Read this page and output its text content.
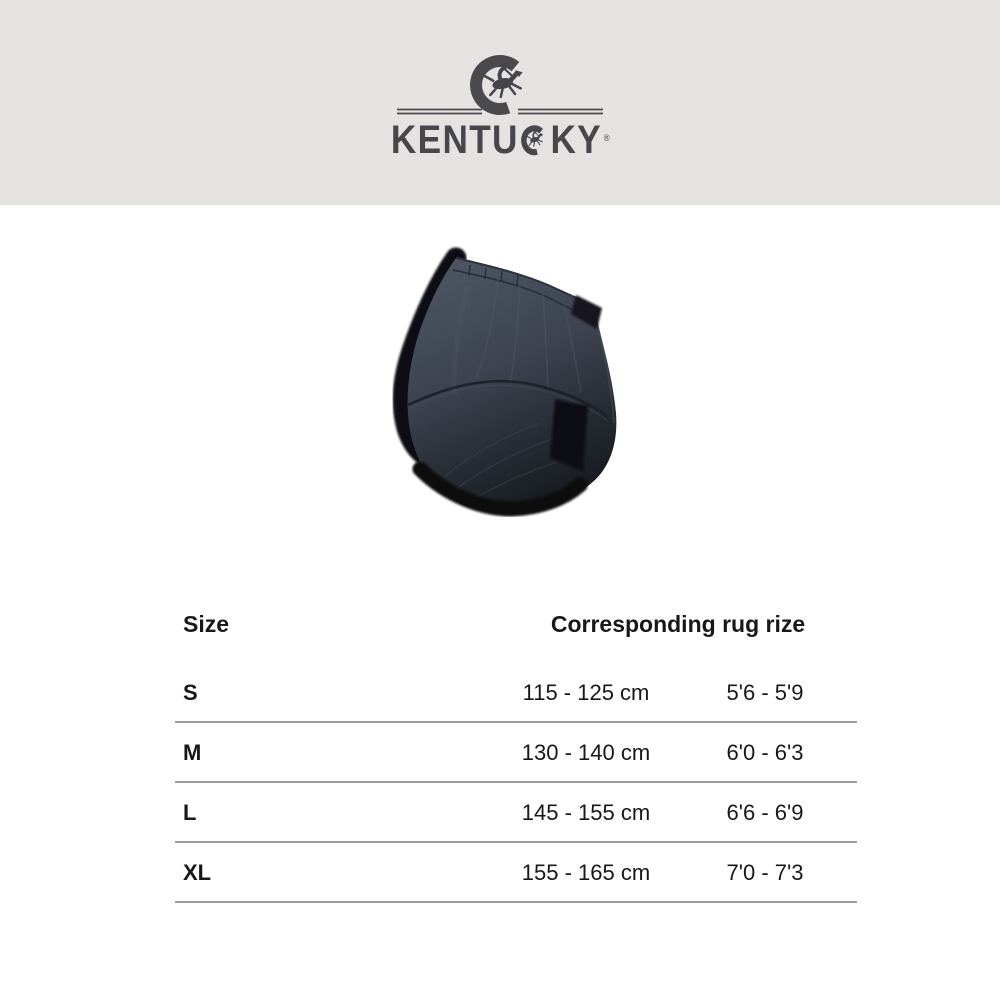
KENTU KY ®
Size	Corresponding rug rize
S	115 - 125 cm	5'6 - 5'9
M	130 - 140 cm	6'0 - 6'3
L	145 - 155 cm	6'6 - 6'9
XL	155 - 165 cm	7'0 - 7'3
